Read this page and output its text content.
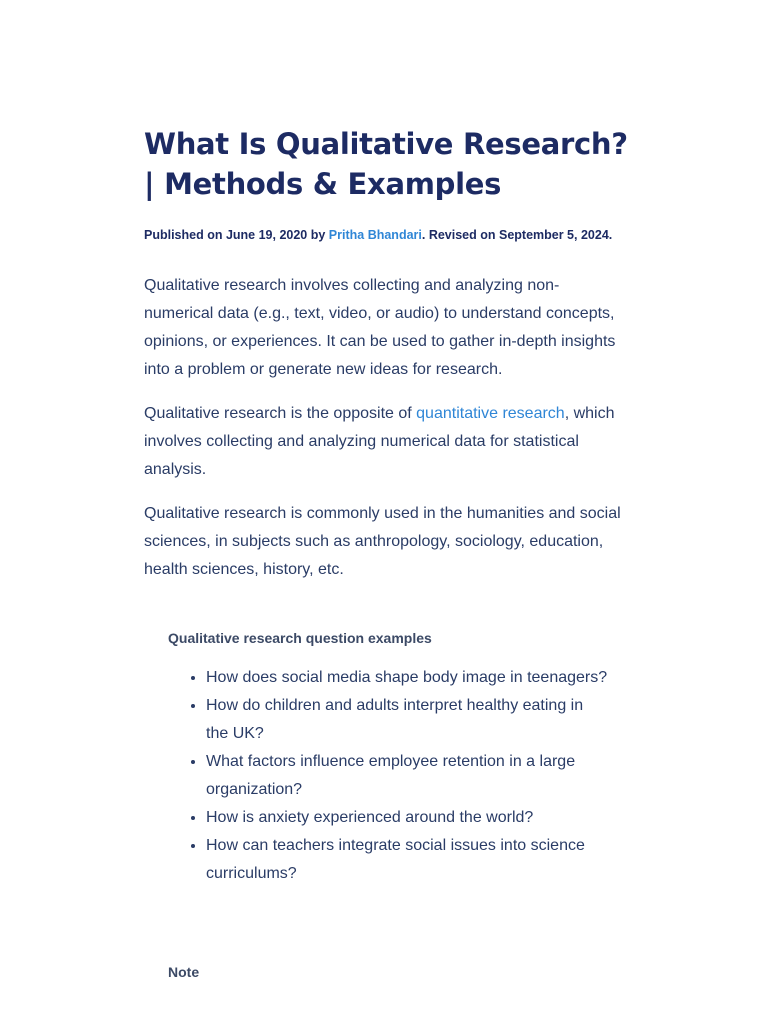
What Is Qualitative Research? | Methods & Examples

Published on June 19, 2020 by Pritha Bhandari. Revised on September 5, 2024.

Qualitative research involves collecting and analyzing non-numerical data (e.g., text, video, or audio) to understand concepts, opinions, or experiences. It can be used to gather in-depth insights into a problem or generate new ideas for research.

Qualitative research is the opposite of quantitative research, which involves collecting and analyzing numerical data for statistical analysis.

Qualitative research is commonly used in the humanities and social sciences, in subjects such as anthropology, sociology, education, health sciences, history, etc.

Qualitative research question examples

• How does social media shape body image in teenagers?
• How do children and adults interpret healthy eating in the UK?
• What factors influence employee retention in a large organization?
• How is anxiety experienced around the world?
• How can teachers integrate social issues into science curriculums?

Note
